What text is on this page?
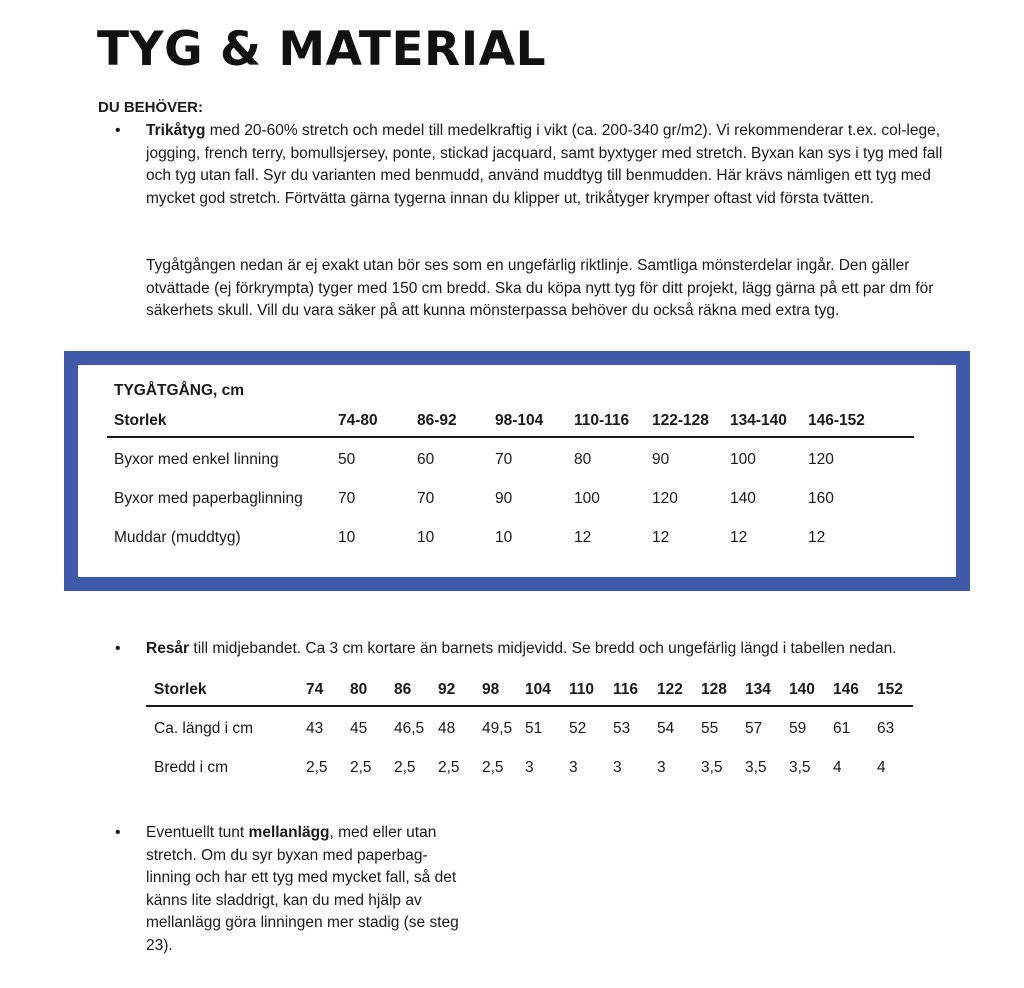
TYG & MATERIAL
DU BEHÖVER:
• Trikåtyg med 20-60% stretch och medel till medelkraftig i vikt (ca. 200-340 gr/m2). Vi rekommenderar t.ex. col-lege, jogging, french terry, bomullsjersey, ponte, stickad jacquard, samt byxtyger med stretch. Byxan kan sys i tyg med fall och tyg utan fall. Syr du varianten med benmudd, använd muddtyg till benmudden. Här krävs nämligen ett tyg med mycket god stretch. Förtvätta gärna tygerna innan du klipper ut, trikåtyger krymper oftast vid första tvätten.

Tygåtgången nedan är ej exakt utan bör ses som en ungefärlig riktlinje. Samtliga mönsterdelar ingår. Den gäller otvättade (ej förkrympta) tyger med 150 cm bredd. Ska du köpa nytt tyg för ditt projekt, lägg gärna på ett par dm för säkerhets skull. Vill du vara säker på att kunna mönsterpassa behöver du också räkna med extra tyg.

TYGÅTGÅNG, cm
Storlek	74-80	86-92 98-104 110-116 122-128 134-140 146-152
Byxor med enkel linning	50	60	70	80	90	100	120
Byxor med paperbaglinning 70	70	90	100	120	140	160
Muddar (muddtyg)	10	10	10	12	12	12	12
• Resår till midjebandet. Ca 3 cm kortare än barnets midjevidd. Se bredd och ungefärlig längd i tabellen nedan.

Storlek	74 80 86 92 98 104 110 116 122 128 134 140 146 152
Ca. längd i cm	43 45 46,5 48 49,5 51 52 53 54 55 57 59 61 63
Bredd i cm	2,5 2,5 2,5 2,5 2,5 3 3 3 3 3,5 3,5 3,5 4 4
• Eventuellt tunt mellanlägg, med eller utan stretch. Om du syr byxan med paperbag-linning och har ett tyg med mycket fall, så det känns lite sladdrigt, kan du med hjälp av mellanlägg göra linningen mer stadig (se steg 23).
